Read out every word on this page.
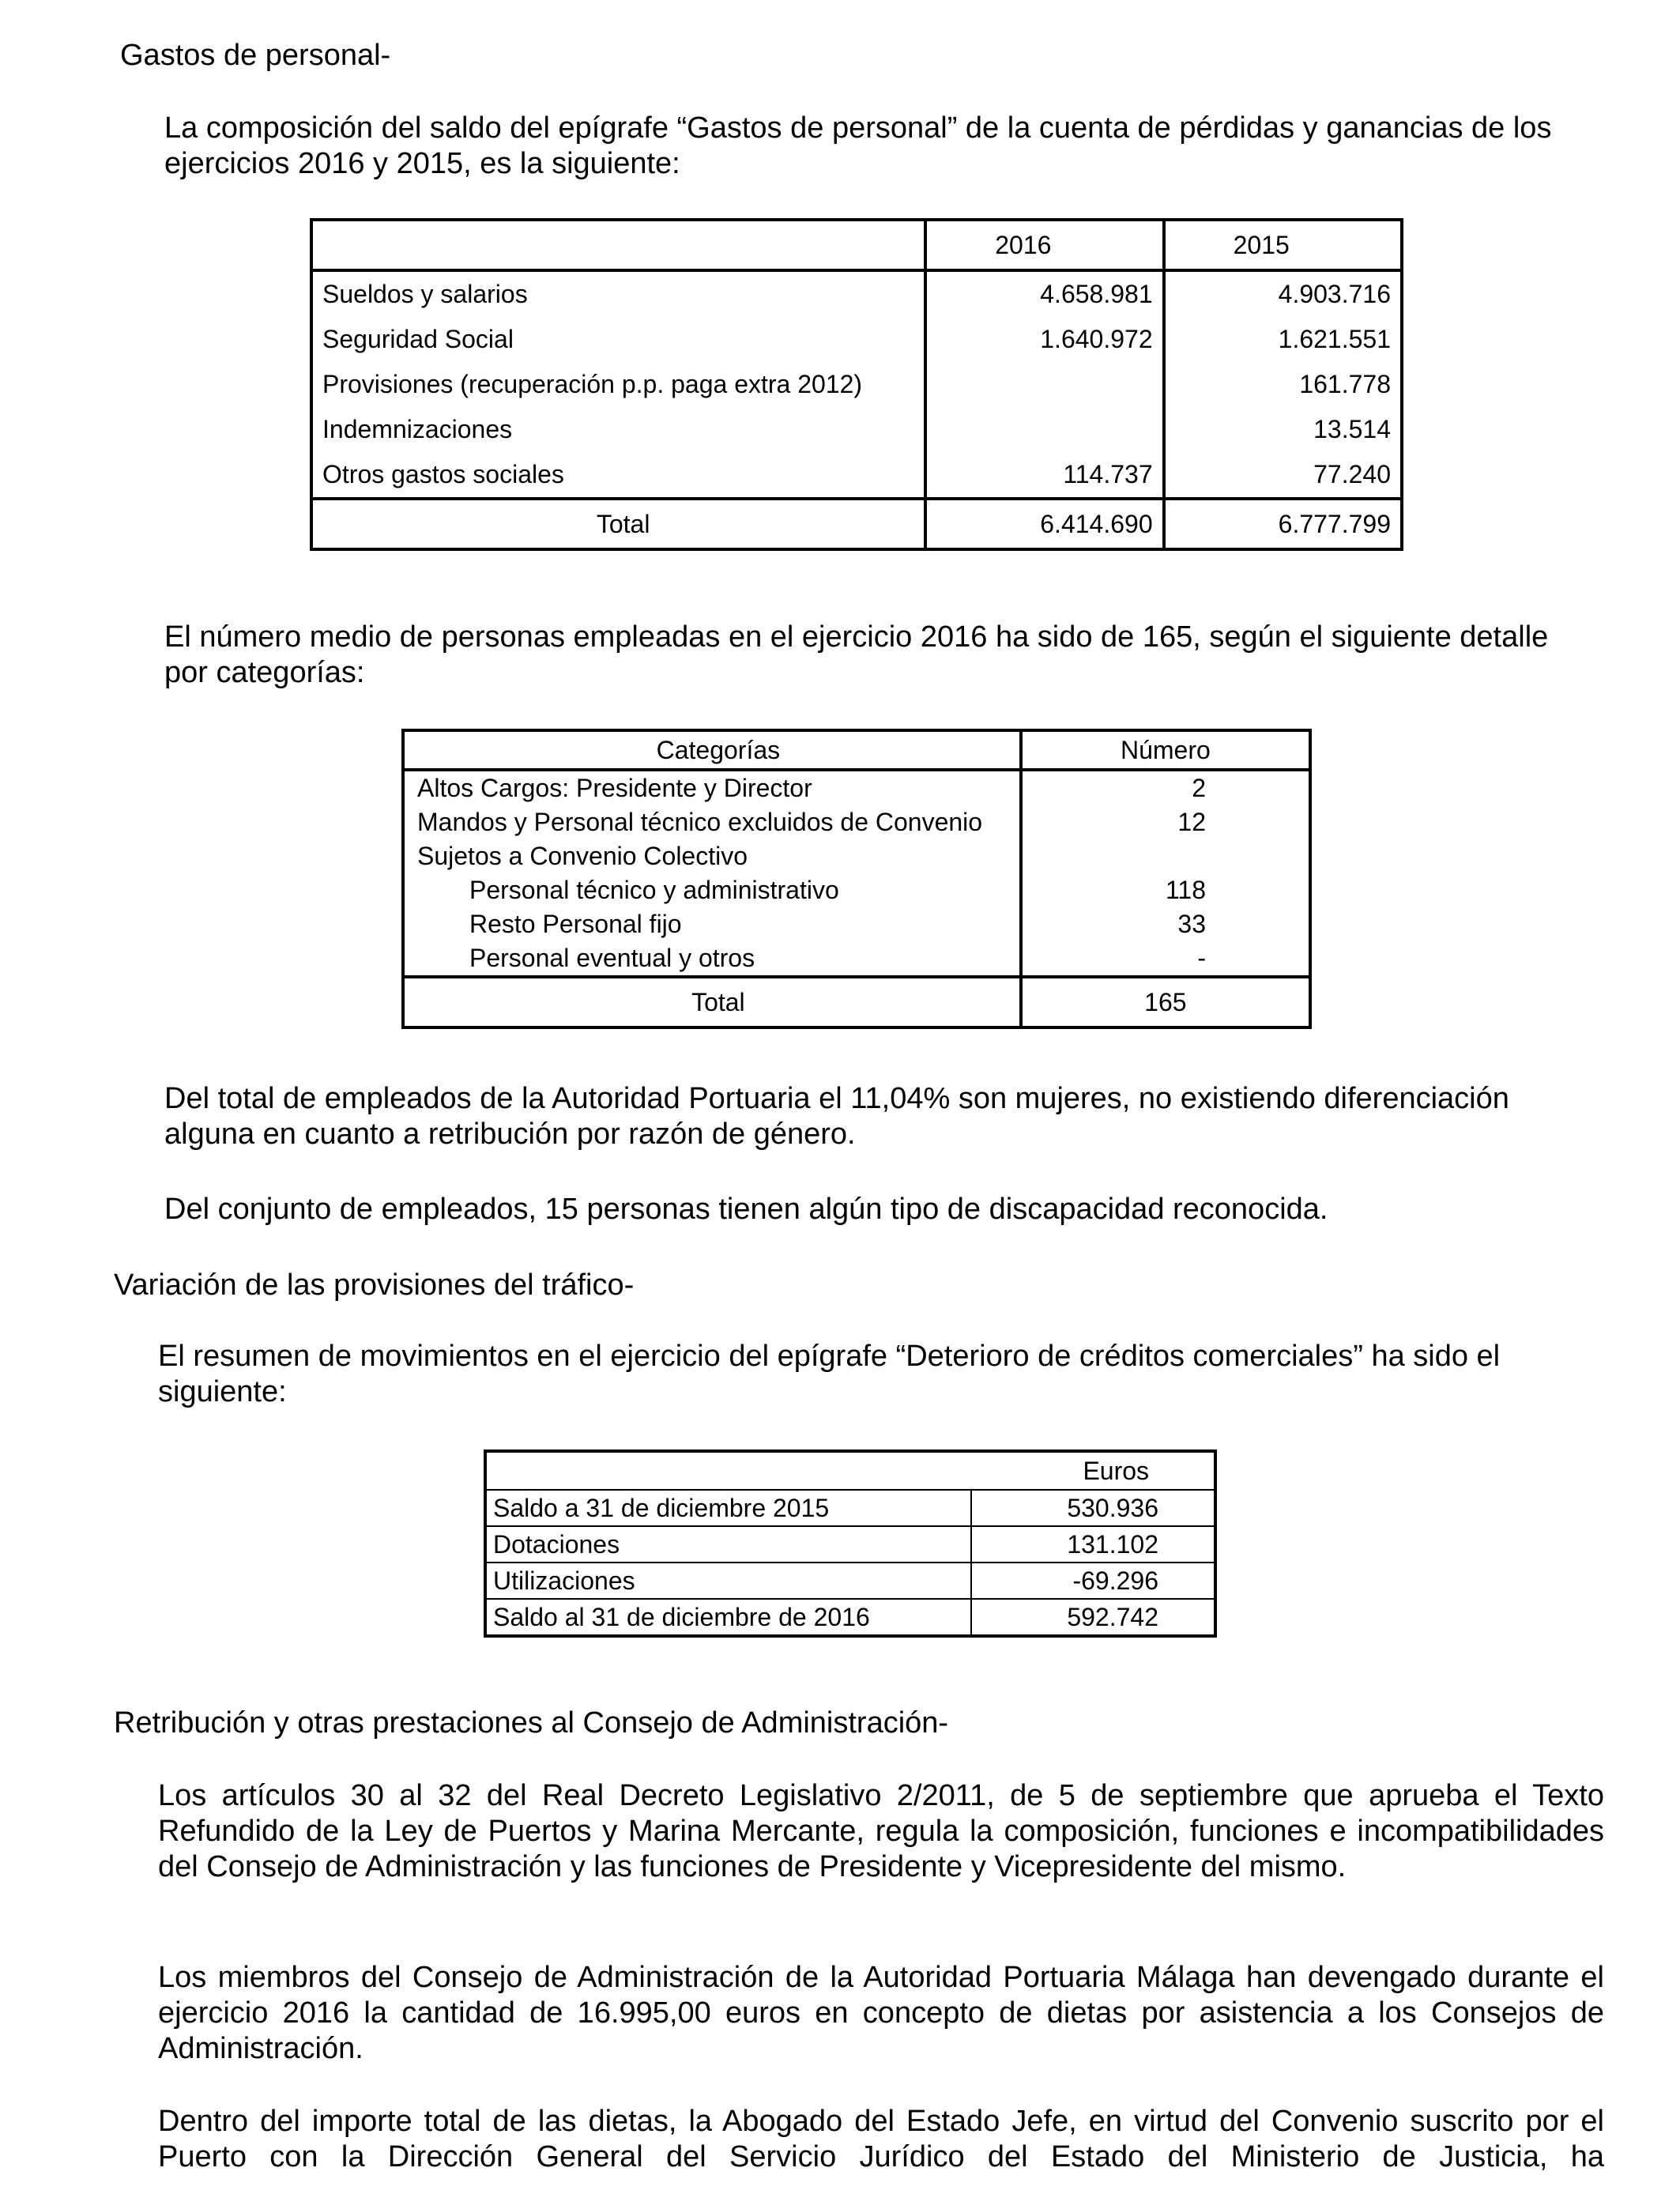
Gastos de personal-
La composición del saldo del epígrafe “Gastos de personal” de la cuenta de pérdidas y ganancias de los ejercicios 2016 y 2015, es la siguiente:
	2016	2015
Sueldos y salarios	4.658.981	4.903.716
Seguridad Social	1.640.972	1.621.551
Provisiones (recuperación p.p. paga extra 2012)		161.778
Indemnizaciones		13.514
Otros gastos sociales	114.737	77.240
Total	6.414.690	6.777.799
El número medio de personas empleadas en el ejercicio 2016 ha sido de 165, según el siguiente detalle por categorías:
Categorías	Número
Altos Cargos: Presidente y Director	2
Mandos y Personal técnico excluidos de Convenio	12
Sujetos a Convenio Colectivo	
Personal técnico y administrativo	118
Resto Personal fijo	33
Personal eventual y otros	-
Total	165
Del total de empleados de la Autoridad Portuaria el 11,04% son mujeres, no existiendo diferenciación alguna en cuanto a retribución por razón de género.
Del conjunto de empleados, 15 personas tienen algún tipo de discapacidad reconocida.
Variación de las provisiones del tráfico-
El resumen de movimientos en el ejercicio del epígrafe “Deterioro de créditos comerciales” ha sido el siguiente:
	Euros
Saldo a 31 de diciembre 2015	530.936
Dotaciones	131.102
Utilizaciones	-69.296
Saldo al 31 de diciembre de 2016	592.742
Retribución y otras prestaciones al Consejo de Administración-
Los artículos 30 al 32 del Real Decreto Legislativo 2/2011, de 5 de septiembre que aprueba el Texto Refundido de la Ley de Puertos y Marina Mercante, regula la composición, funciones e incompatibilidades del Consejo de Administración y las funciones de Presidente y Vicepresidente del mismo.
Los miembros del Consejo de Administración de la Autoridad Portuaria Málaga han devengado durante el ejercicio 2016 la cantidad de 16.995,00 euros en concepto de dietas por asistencia a los Consejos de Administración.
Dentro del importe total de las dietas, la Abogado del Estado Jefe, en virtud del Convenio suscrito por el Puerto con la Dirección General del Servicio Jurídico del Estado del Ministerio de Justicia, ha
